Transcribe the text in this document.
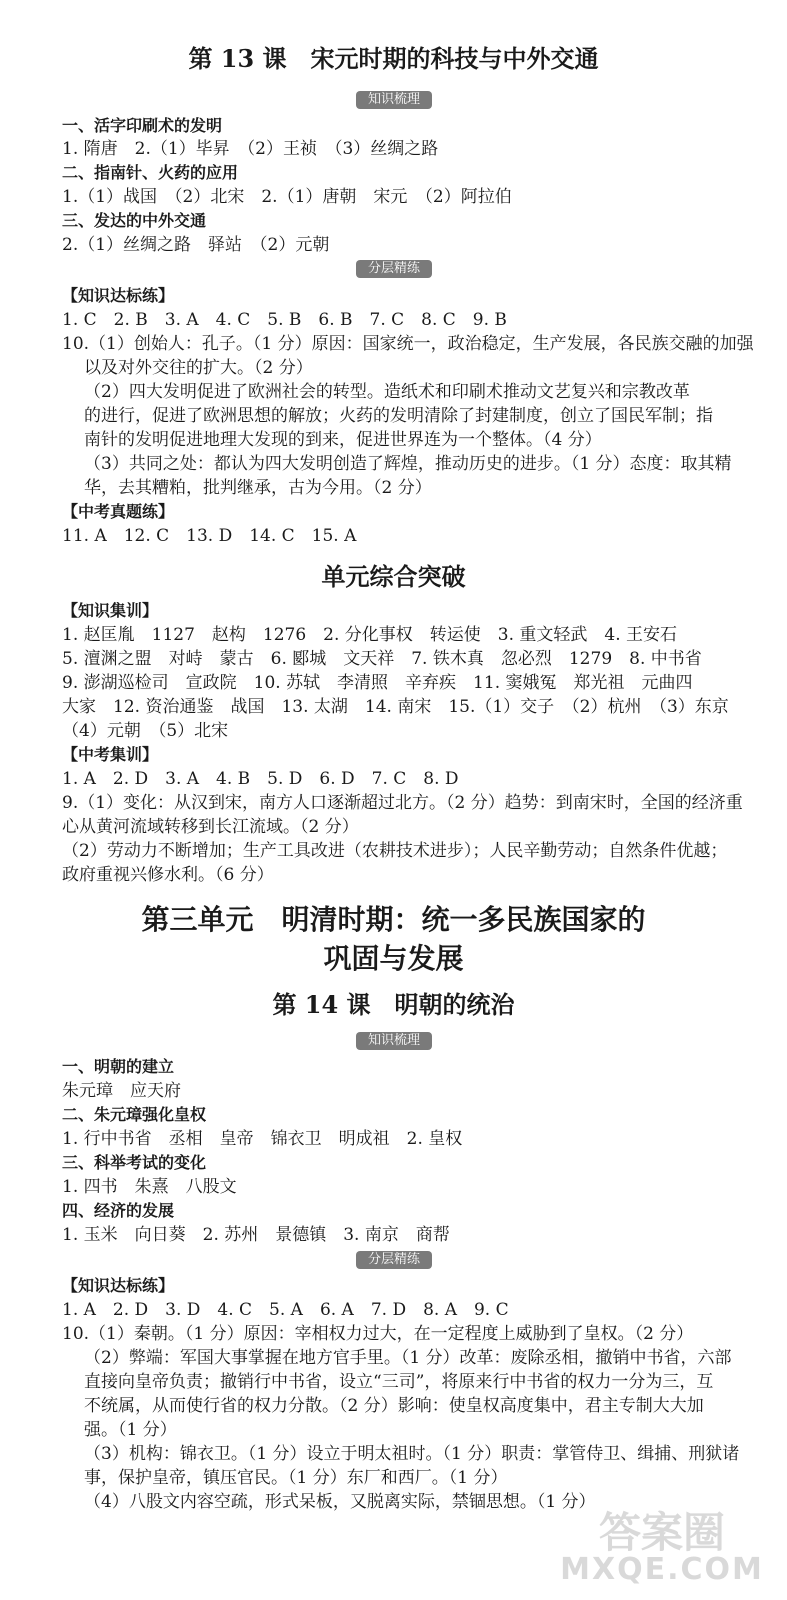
第 13 课　宋元时期的科技与中外交通
知识梳理
一、活字印刷术的发明
1. 隋唐　2.（1）毕昇　（2）王祯　（3）丝绸之路
二、指南针、火药的应用
1.（1）战国　（2）北宋　2.（1）唐朝　宋元　（2）阿拉伯
三、发达的中外交通
2.（1）丝绸之路　驿站　（2）元朝
分层精练
【知识达标练】
1. C　2. B　3. A　4. C　5. B　6. B　7. C　8. C　9. B
10.（1）创始人：孔子。（1 分）原因：国家统一，政治稳定，生产发展，各民族交融的加强
以及对外交往的扩大。（2 分）
（2）四大发明促进了欧洲社会的转型。造纸术和印刷术推动文艺复兴和宗教改革
的进行，促进了欧洲思想的解放；火药的发明清除了封建制度，创立了国民军制；指
南针的发明促进地理大发现的到来，促进世界连为一个整体。（4 分）
（3）共同之处：都认为四大发明创造了辉煌，推动历史的进步。（1 分）态度：取其精
华，去其糟粕，批判继承，古为今用。（2 分）
【中考真题练】
11. A　12. C　13. D　14. C　15. A
单元综合突破
【知识集训】
1. 赵匡胤　1127　赵构　1276　2. 分化事权　转运使　3. 重文轻武　4. 王安石
5. 澶渊之盟　对峙　蒙古　6. 郾城　文天祥　7. 铁木真　忽必烈　1279　8. 中书省
9. 澎湖巡检司　宣政院　10. 苏轼　李清照　辛弃疾　11. 窦娥冤　郑光祖　元曲四
大家　12. 资治通鉴　战国　13. 太湖　14. 南宋　15.（1）交子　（2）杭州　（3）东京
（4）元朝　（5）北宋
【中考集训】
1. A　2. D　3. A　4. B　5. D　6. D　7. C　8. D
9.（1）变化：从汉到宋，南方人口逐渐超过北方。（2 分）趋势：到南宋时，全国的经济重
心从黄河流域转移到长江流域。（2 分）
（2）劳动力不断增加；生产工具改进（农耕技术进步）；人民辛勤劳动；自然条件优越；
政府重视兴修水利。（6 分）
第三单元　明清时期：统一多民族国家的
巩固与发展
第 14 课　明朝的统治
知识梳理
一、明朝的建立
朱元璋　应天府
二、朱元璋强化皇权
1. 行中书省　丞相　皇帝　锦衣卫　明成祖　2. 皇权
三、科举考试的变化
1. 四书　朱熹　八股文
四、经济的发展
1. 玉米　向日葵　2. 苏州　景德镇　3. 南京　商帮
分层精练
【知识达标练】
1. A　2. D　3. D　4. C　5. A　6. A　7. D　8. A　9. C
10.（1）秦朝。（1 分）原因：宰相权力过大，在一定程度上威胁到了皇权。（2 分）
（2）弊端：军国大事掌握在地方官手里。（1 分）改革：废除丞相，撤销中书省，六部
直接向皇帝负责；撤销行中书省，设立“三司”，将原来行中书省的权力一分为三，互
不统属，从而使行省的权力分散。（2 分）影响：使皇权高度集中，君主专制大大加
强。（1 分）
（3）机构：锦衣卫。（1 分）设立于明太祖时。（1 分）职责：掌管侍卫、缉捕、刑狱诸
事，保护皇帝，镇压官民。（1 分）东厂和西厂。（1 分）
（4）八股文内容空疏，形式呆板，又脱离实际，禁锢思想。（1 分）
答案圈
MXQE.COM
